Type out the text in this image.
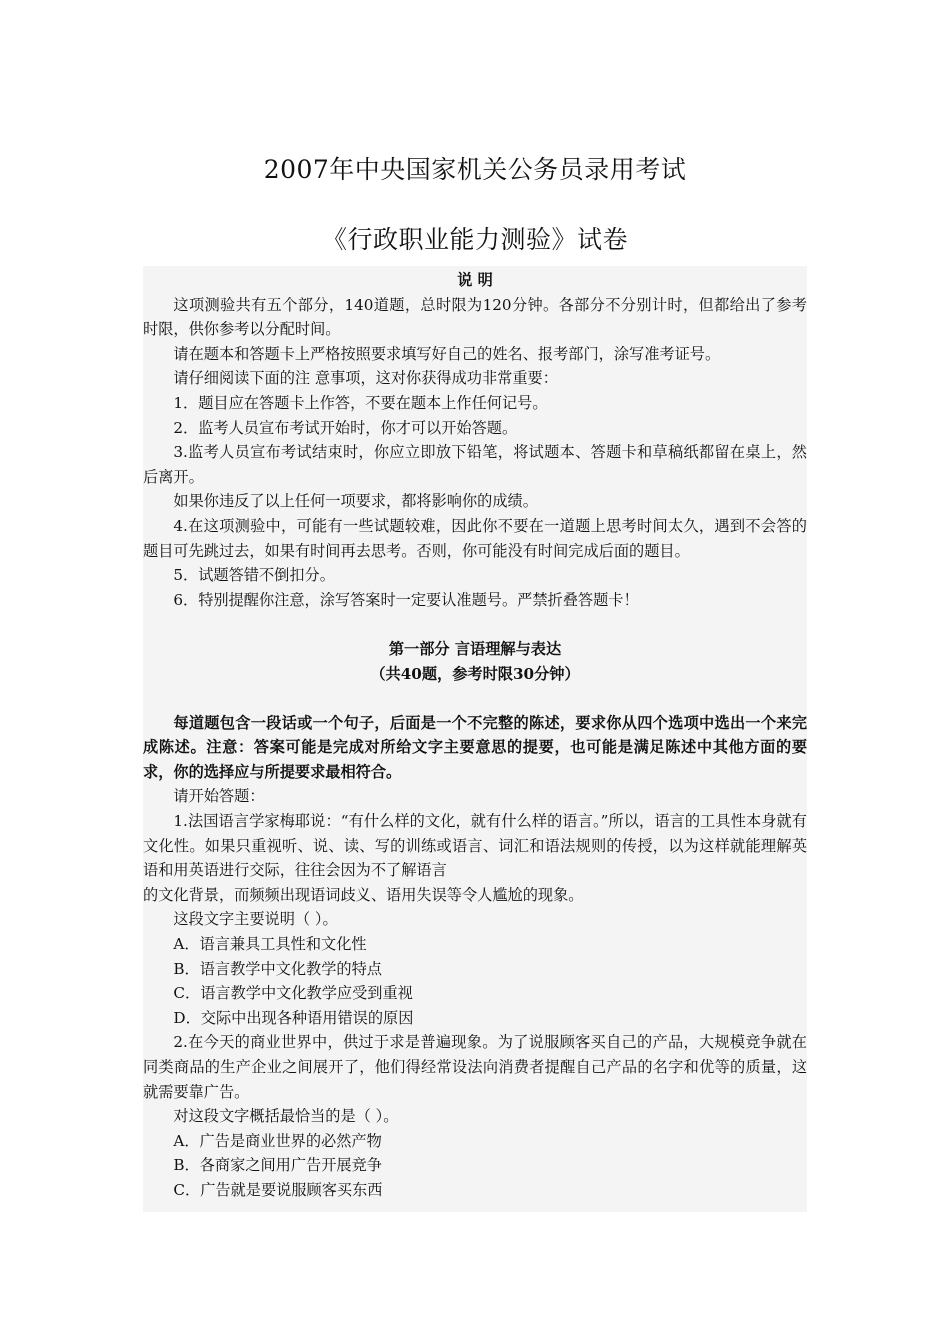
2007年中央国家机关公务员录用考试
《行政职业能力测验》试卷

说 明

这项测验共有五个部分，140道题，总时限为120分钟。各部分不分别计时，但都给出了参考时限，供你参考以分配时间。

请在题本和答题卡上严格按照要求填写好自己的姓名、报考部门，涂写准考证号。

请仔细阅读下面的注 意事项，这对你获得成功非常重要：

1．题目应在答题卡上作答，不要在题本上作任何记号。

2．监考人员宣布考试开始时，你才可以开始答题。

3.监考人员宣布考试结束时，你应立即放下铅笔，将试题本、答题卡和草稿纸都留在桌上，然后离开。

如果你违反了以上任何一项要求，都将影响你的成绩。

4.在这项测验中，可能有一些试题较难，因此你不要在一道题上思考时间太久，遇到不会答的题目可先跳过去，如果有时间再去思考。否则，你可能没有时间完成后面的题目。

5．试题答错不倒扣分。

6．特别提醒你注意，涂写答案时一定要认准题号。严禁折叠答题卡！

第一部分 言语理解与表达

（共40题，参考时限30分钟）

每道题包含一段话或一个句子，后面是一个不完整的陈述，要求你从四个选项中选出一个来完成陈述。注意：答案可能是完成对所给文字主要意思的提要，也可能是满足陈述中其他方面的要求，你的选择应与所提要求最相符合。

请开始答题：

1.法国语言学家梅耶说：“有什么样的文化，就有什么样的语言。”所以，语言的工具性本身就有文化性。如果只重视听、说、读、写的训练或语言、词汇和语法规则的传授，以为这样就能理解英语和用英语进行交际，往往会因为不了解语言

的文化背景，而频频出现语词歧义、语用失误等令人尴尬的现象。

这段文字主要说明（ ）。

A．语言兼具工具性和文化性

B．语言教学中文化教学的特点

C．语言教学中文化教学应受到重视

D．交际中出现各种语用错误的原因

2.在今天的商业世界中，供过于求是普遍现象。为了说服顾客买自己的产品，大规模竞争就在同类商品的生产企业之间展开了，他们得经常设法向消费者提醒自己产品的名字和优等的质量，这就需要靠广告。

对这段文字概括最恰当的是（ ）。

A．广告是商业世界的必然产物

B．各商家之间用广告开展竞争

C．广告就是要说服顾客买东西
